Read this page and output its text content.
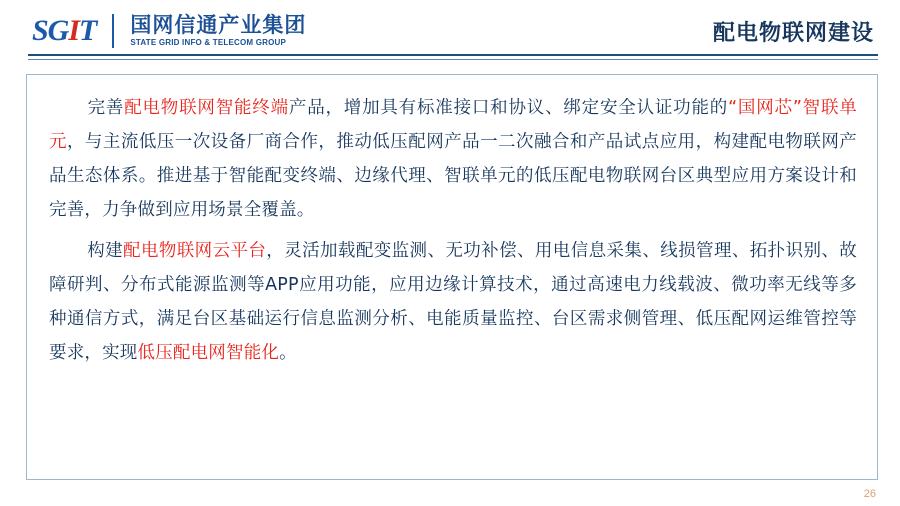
SG I T 国网信通产业集团
STATE GRID INFO & TELECOM GROUP	配电物联网建设

完善配电物联网智能终端产品，增加具有标准接口和协议、绑定安全认证功能的“国网芯”智联单元，与主流低压一次设备厂商合作，推动低压配网产品一二次融合和产品试点应用，构建配电物联网产品生态体系。推进基于智能配变终端、边缘代理、智联单元的低压配电物联网台区典型应用方案设计和完善，力争做到应用场景全覆盖。

构建配电物联网云平台，灵活加载配变监测、无功补偿、用电信息采集、线损管理、拓扑识别、故障研判、分布式能源监测等APP应用功能，应用边缘计算技术，通过高速电力线载波、微功率无线等多种通信方式，满足台区基础运行信息监测分析、电能质量监控、台区需求侧管理、低压配网运维管控等要求，实现低压配电网智能化。

26
